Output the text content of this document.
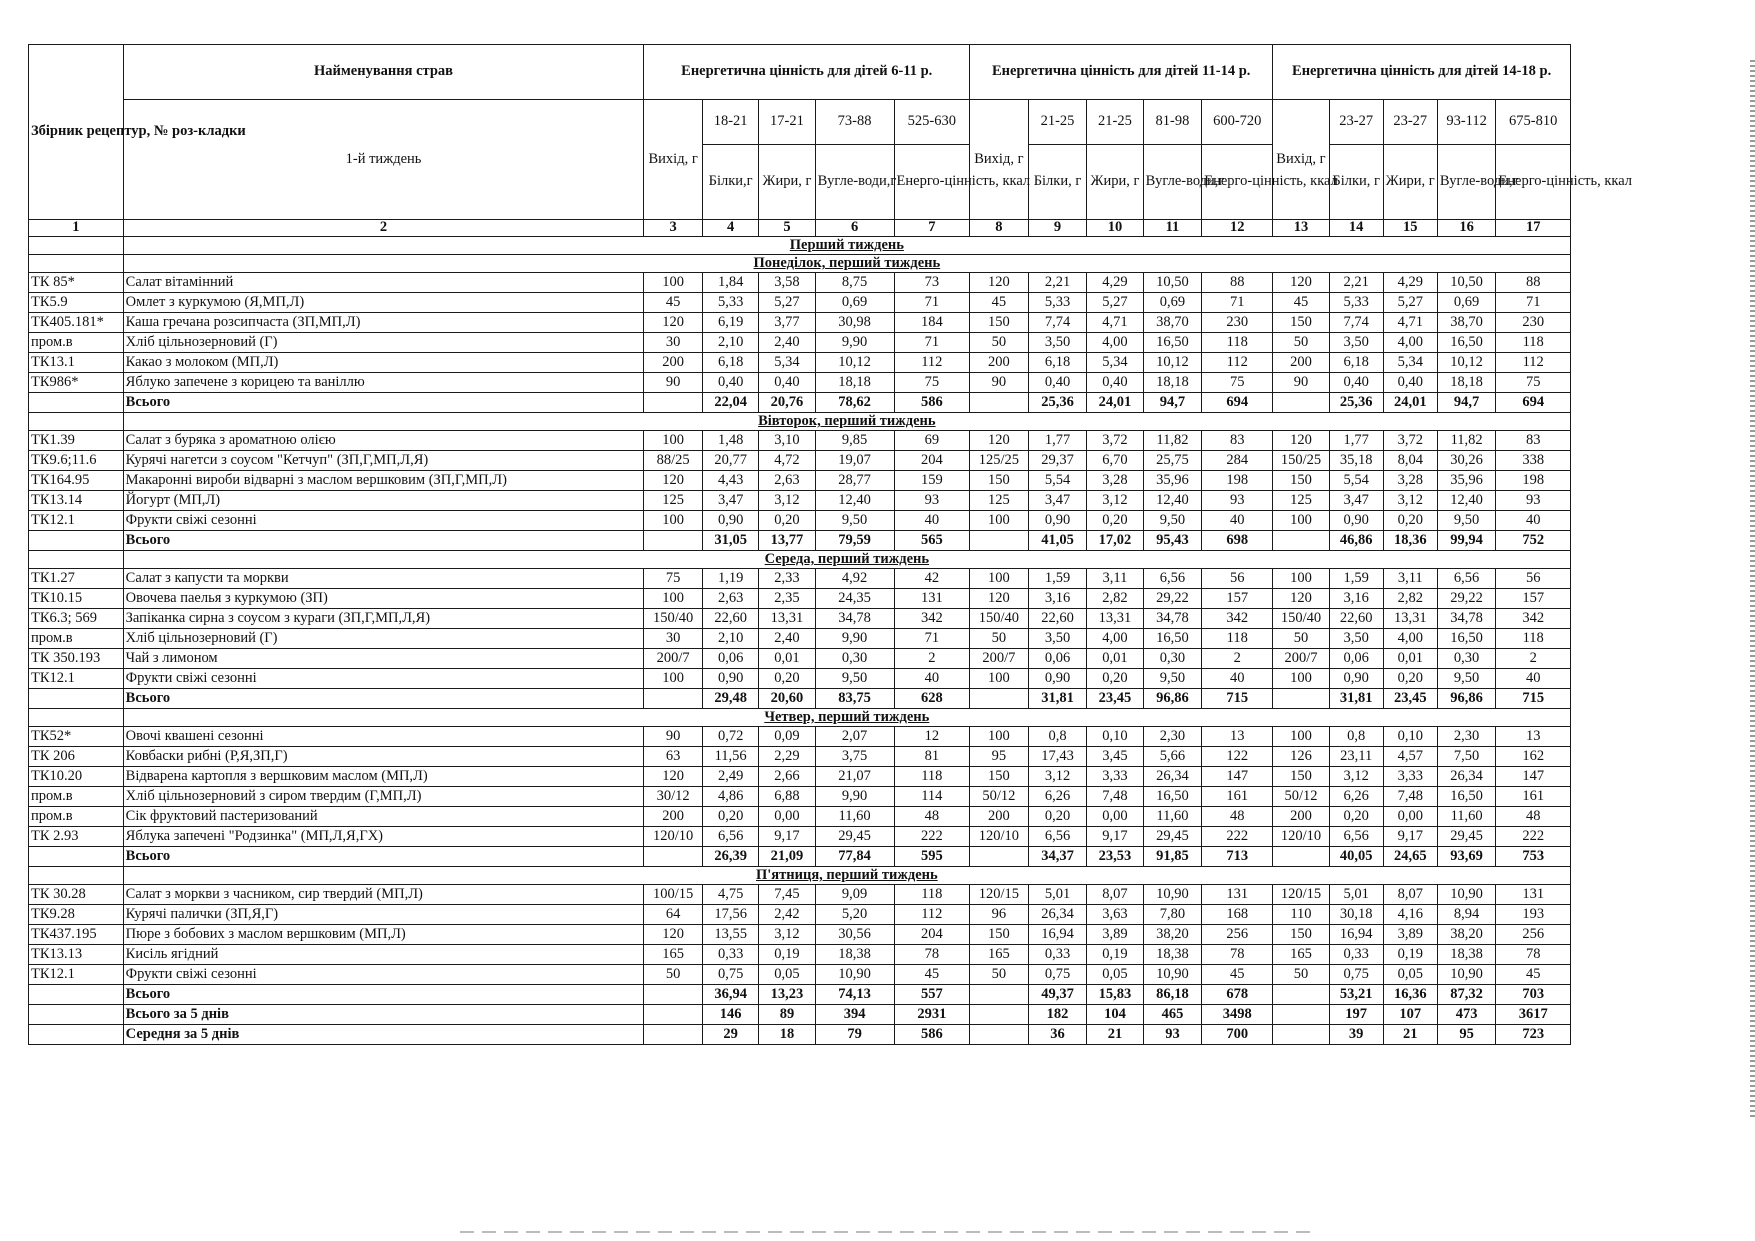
Збірник рецептур, № роз-кладки	Найменування страв	Енергетична цінність для дітей 6-11 р.					Енергетична цінність для дітей 11-14 р.					Енергетична цінність для дітей 14-18 р.				
	1-й тиждень	Вихід, г	18-21	17-21	73-88	525-630	Вихід, г	21-25	21-25	81-98	600-720	Вихід, г	23-27	23-27	93-112	675-810
			Білки,г	Жири, г	Вугле-води,г	Енерго-цінність, ккал		Білки, г	Жири, г	Вугле-води,г	Енерго-цінність, ккал		Білки, г	Жири, г	Вугле-води,г	Енерго-цінність, ккал
1	2	3	4	5	6	7	8	9	10	11	12	13	14	15	16	17
	Перший тиждень															
	Понеділок, перший тиждень															
ТК 85*	Салат вітамінний	100	1,84	3,58	8,75	73	120	2,21	4,29	10,50	88	120	2,21	4,29	10,50	88
ТК5.9	Омлет з куркумою (Я,МП,Л)	45	5,33	5,27	0,69	71	45	5,33	5,27	0,69	71	45	5,33	5,27	0,69	71
ТК405.181*	Каша гречана розсипчаста (ЗП,МП,Л)	120	6,19	3,77	30,98	184	150	7,74	4,71	38,70	230	150	7,74	4,71	38,70	230
пром.в	Хліб цільнозерновий (Г)	30	2,10	2,40	9,90	71	50	3,50	4,00	16,50	118	50	3,50	4,00	16,50	118
ТК13.1	Какао з молоком (МП,Л)	200	6,18	5,34	10,12	112	200	6,18	5,34	10,12	112	200	6,18	5,34	10,12	112
ТК986*	Яблуко запечене з корицею та ваніллю	90	0,40	0,40	18,18	75	90	0,40	0,40	18,18	75	90	0,40	0,40	18,18	75
	Всього		22,04	20,76	78,62	586		25,36	24,01	94,7	694		25,36	24,01	94,7	694
	Вівторок, перший тиждень															
ТК1.39	Салат з буряка з ароматною олією	100	1,48	3,10	9,85	69	120	1,77	3,72	11,82	83	120	1,77	3,72	11,82	83
ТК9.6;11.6	Курячі нагетси з соусом "Кетчуп" (ЗП,Г,МП,Л,Я)	88/25	20,77	4,72	19,07	204	125/25	29,37	6,70	25,75	284	150/25	35,18	8,04	30,26	338
ТК164.95	Макаронні вироби відварні з маслом вершковим (ЗП,Г,МП,Л)	120	4,43	2,63	28,77	159	150	5,54	3,28	35,96	198	150	5,54	3,28	35,96	198
ТК13.14	Йогурт (МП,Л)	125	3,47	3,12	12,40	93	125	3,47	3,12	12,40	93	125	3,47	3,12	12,40	93
ТК12.1	Фрукти свіжі сезонні	100	0,90	0,20	9,50	40	100	0,90	0,20	9,50	40	100	0,90	0,20	9,50	40
	Всього		31,05	13,77	79,59	565		41,05	17,02	95,43	698		46,86	18,36	99,94	752
	Середа, перший тиждень															
ТК1.27	Салат з капусти та моркви	75	1,19	2,33	4,92	42	100	1,59	3,11	6,56	56	100	1,59	3,11	6,56	56
ТК10.15	Овочева паелья з куркумою (ЗП)	100	2,63	2,35	24,35	131	120	3,16	2,82	29,22	157	120	3,16	2,82	29,22	157
ТК6.3; 569	Запіканка сирна з соусом з кураги (ЗП,Г,МП,Л,Я)	150/40	22,60	13,31	34,78	342	150/40	22,60	13,31	34,78	342	150/40	22,60	13,31	34,78	342
пром.в	Хліб цільнозерновий (Г)	30	2,10	2,40	9,90	71	50	3,50	4,00	16,50	118	50	3,50	4,00	16,50	118
ТК 350.193	Чай з лимоном	200/7	0,06	0,01	0,30	2	200/7	0,06	0,01	0,30	2	200/7	0,06	0,01	0,30	2
ТК12.1	Фрукти свіжі сезонні	100	0,90	0,20	9,50	40	100	0,90	0,20	9,50	40	100	0,90	0,20	9,50	40
	Всього		29,48	20,60	83,75	628		31,81	23,45	96,86	715		31,81	23,45	96,86	715
	Четвер, перший тиждень															
ТК52*	Овочі квашені сезонні	90	0,72	0,09	2,07	12	100	0,8	0,10	2,30	13	100	0,8	0,10	2,30	13
ТК 206	Ковбаски рибні (Р,Я,ЗП,Г)	63	11,56	2,29	3,75	81	95	17,43	3,45	5,66	122	126	23,11	4,57	7,50	162
ТК10.20	Відварена картопля з вершковим маслом (МП,Л)	120	2,49	2,66	21,07	118	150	3,12	3,33	26,34	147	150	3,12	3,33	26,34	147
пром.в	Хліб цільнозерновий з сиром твердим (Г,МП,Л)	30/12	4,86	6,88	9,90	114	50/12	6,26	7,48	16,50	161	50/12	6,26	7,48	16,50	161
пром.в	Сік фруктовий пастеризований	200	0,20	0,00	11,60	48	200	0,20	0,00	11,60	48	200	0,20	0,00	11,60	48
ТК 2.93	Яблука запечені "Родзинка" (МП,Л,Я,ГХ)	120/10	6,56	9,17	29,45	222	120/10	6,56	9,17	29,45	222	120/10	6,56	9,17	29,45	222
	Всього		26,39	21,09	77,84	595		34,37	23,53	91,85	713		40,05	24,65	93,69	753
	П'ятниця, перший тиждень															
ТК 30.28	Салат з моркви з часником, сир твердий (МП,Л)	100/15	4,75	7,45	9,09	118	120/15	5,01	8,07	10,90	131	120/15	5,01	8,07	10,90	131
ТК9.28	Курячі палички (ЗП,Я,Г)	64	17,56	2,42	5,20	112	96	26,34	3,63	7,80	168	110	30,18	4,16	8,94	193
ТК437.195	Пюре з бобових з маслом вершковим (МП,Л)	120	13,55	3,12	30,56	204	150	16,94	3,89	38,20	256	150	16,94	3,89	38,20	256
ТК13.13	Кисіль ягідний	165	0,33	0,19	18,38	78	165	0,33	0,19	18,38	78	165	0,33	0,19	18,38	78
ТК12.1	Фрукти свіжі сезонні	50	0,75	0,05	10,90	45	50	0,75	0,05	10,90	45	50	0,75	0,05	10,90	45
	Всього		36,94	13,23	74,13	557		49,37	15,83	86,18	678		53,21	16,36	87,32	703
	Всього за 5 днів		146	89	394	2931		182	104	465	3498		197	107	473	3617
	Середня за 5 днів		29	18	79	586		36	21	93	700		39	21	95	723
